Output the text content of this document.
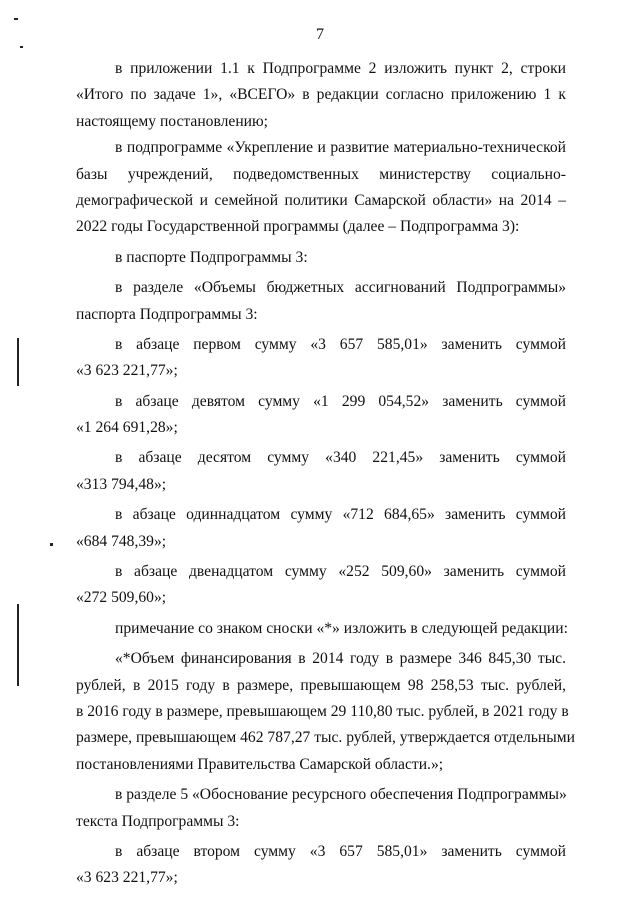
7
в приложении 1.1 к Подпрограмме 2 изложить пункт 2, строки
«Итого по задаче 1», «ВСЕГО» в редакции согласно приложению 1 к
настоящему постановлению;
в подпрограмме «Укрепление и развитие материально-технической
базы учреждений, подведомственных министерству социально-
демографической и семейной политики Самарской области» на 2014 –
2022 годы Государственной программы (далее – Подпрограмма 3):
в паспорте Подпрограммы 3:
в разделе «Объемы бюджетных ассигнований Подпрограммы»
паспорта Подпрограммы 3:
в абзаце первом сумму «3 657 585,01» заменить суммой
«3 623 221,77»;
в абзаце девятом сумму «1 299 054,52» заменить суммой
«1 264 691,28»;
в абзаце десятом сумму «340 221,45» заменить суммой
«313 794,48»;
в абзаце одиннадцатом сумму «712 684,65» заменить суммой
«684 748,39»;
в абзаце двенадцатом сумму «252 509,60» заменить суммой
«272 509,60»;
примечание со знаком сноски «*» изложить в следующей редакции:
«*Объем финансирования в 2014 году в размере 346 845,30 тыс.
рублей, в 2015 году в размере, превышающем 98 258,53 тыс. рублей,
в 2016 году в размере, превышающем 29 110,80 тыс. рублей, в 2021 году в
размере, превышающем 462 787,27 тыс. рублей, утверждается отдельными
постановлениями Правительства Самарской области.»;
в разделе 5 «Обоснование ресурсного обеспечения Подпрограммы»
текста Подпрограммы 3:
в абзаце втором сумму «3 657 585,01» заменить суммой
«3 623 221,77»;
